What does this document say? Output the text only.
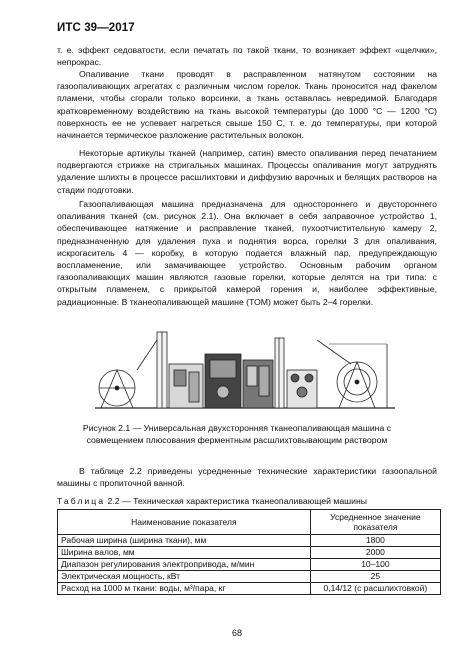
ИТС 39—2017

т. е. эффект седоватости, если печатать по такой ткани, то возникает эффект «щелчки», непрокрас.

Опаливание ткани проводят в расправленном натянутом состоянии на газоопаливающих агрегатах с различным числом горелок. Ткань проносится над факелом пламени, чтобы сгорали только ворсинки, а ткань оставалась невредимой. Благодаря кратковременному воздействию на ткань высокой температуры (до 1000 °C — 1200 °C) поверхность ее не успевает нагреться свыше 150 С, т. е. до температуры, при которой начинается термическое разложение растительных волокон.

Некоторые артикулы тканей (например, сатин) вместо опаливания перед печатанием подвергаются стрижке на стригальных машинах. Процессы опаливания могут затруднять удаление шлихты в процессе расшлихтовки и диффузию варочных и белящих растворов на стадии подготовки.

Газоопаливающая машина предназначена для одностороннего и двустороннего опаливания тканей (см. рисунок 2.1). Она включает в себя заправочное устройство 1, обеспечивающее натяжение и расправление тканей, пухоотчистительную камеру 2, предназначенную для удаления пуха и поднятия ворса, горелки 3 для опаливания, искрогаситель 4 — коробку, в которую подается влажный пар, предупреждающую воспламенение, или замачивающее устройство. Основным рабочим органом газоопаливающих машин являются газовые горелки, которые делятся на три типа: с открытым пламенем, с прикрытой камерой горения и, наиболее эффективные, радиационные. В тканеопаливающей машине (ТОМ) может быть 2–4 горелки.

Рисунок 2.1 — Универсальная двухсторонняя тканеопаливающая машина с совмещением плюсования ферментным расшлихтовывающим раствором

В таблице 2.2 приведены усредненные технические характеристики газоопальной машины с пропиточной ванной.

Таблица 2.2 — Техническая характеристика тканеопаливающей машины
Наименование показателя	Усредненное значение показателя
Рабочая ширина (ширина ткани), мм	1800
Ширина валов, мм	2000
Диапазон регулирования электропривода, м/мин	10–100
Электрическая мощность, кВт	25
Расход на 1000 м ткани: воды, м³/пара, кг	0,14/12 (с расшлихтовкой)
68
